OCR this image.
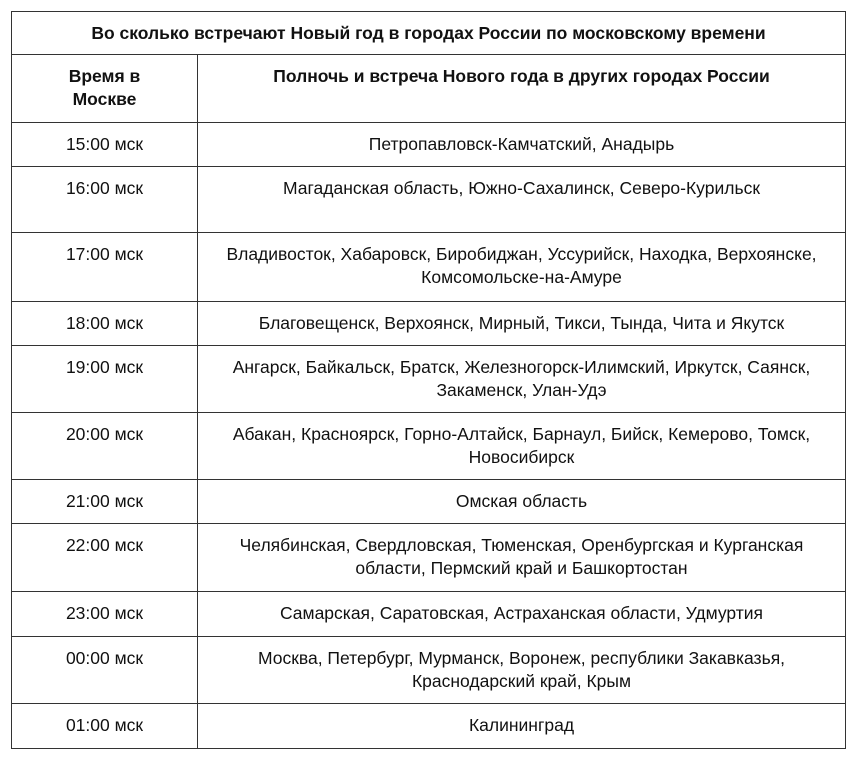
Во сколько встречают Новый год в городах России по московскому времени	
Время в Москве	Полночь и встреча Нового года в других городах России
15:00 мск	Петропавловск-Камчатский, Анадырь
16:00 мск	Магаданская область, Южно-Сахалинск, Северо-Курильск
17:00 мск	Владивосток, Хабаровск, Биробиджан, Уссурийск, Находка, Верхоянске, Комсомольске-на-Амуре
18:00 мск	Благовещенск, Верхоянск, Мирный, Тикси, Тында, Чита и Якутск
19:00 мск	Ангарск, Байкальск, Братск, Железногорск-Илимский, Иркутск, Саянск, Закаменск, Улан-Удэ
20:00 мск	Абакан, Красноярск, Горно-Алтайск, Барнаул, Бийск, Кемерово, Томск, Новосибирск
21:00 мск	Омская область
22:00 мск	Челябинская, Свердловская, Тюменская, Оренбургская и Курганская области, Пермский край и Башкортостан
23:00 мск	Самарская, Саратовская, Астраханская области, Удмуртия
00:00 мск	Москва, Петербург, Мурманск, Воронеж, республики Закавказья, Краснодарский край, Крым
01:00 мск	Калининград
